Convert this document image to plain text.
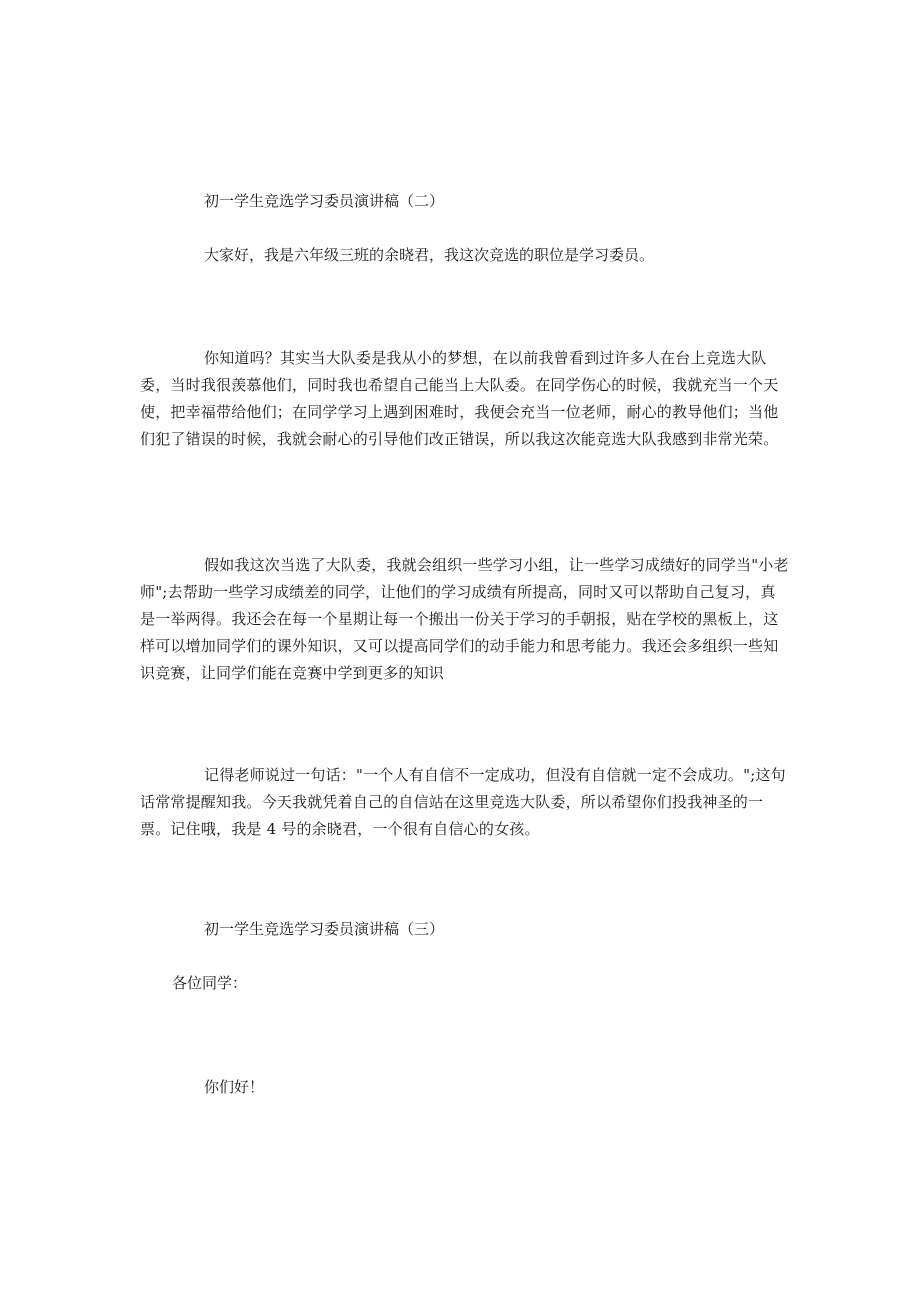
初一学生竞选学习委员演讲稿（二）

大家好，我是六年级三班的余晓君，我这次竞选的职位是学习委员。

你知道吗？其实当大队委是我从小的梦想，在以前我曾看到过许多人在台上竞选大队委，当时我很羡慕他们，同时我也希望自己能当上大队委。在同学伤心的时候，我就充当一个天使，把幸福带给他们；在同学学习上遇到困难时，我便会充当一位老师，耐心的教导他们；当他们犯了错误的时候，我就会耐心的引导他们改正错误，所以我这次能竞选大队我感到非常光荣。

假如我这次当选了大队委，我就会组织一些学习小组，让一些学习成绩好的同学当"小老师";去帮助一些学习成绩差的同学，让他们的学习成绩有所提高，同时又可以帮助自己复习，真是一举两得。我还会在每一个星期让每一个搬出一份关于学习的手朝报，贴在学校的黑板上，这样可以增加同学们的课外知识，又可以提高同学们的动手能力和思考能力。我还会多组织一些知识竞赛，让同学们能在竞赛中学到更多的知识

记得老师说过一句话："一个人有自信不一定成功，但没有自信就一定不会成功。";这句话常常提醒知我。今天我就凭着自己的自信站在这里竞选大队委，所以希望你们投我神圣的一票。记住哦，我是 4 号的余晓君，一个很有自信心的女孩。

初一学生竞选学习委员演讲稿（三）

各位同学：

你们好！
